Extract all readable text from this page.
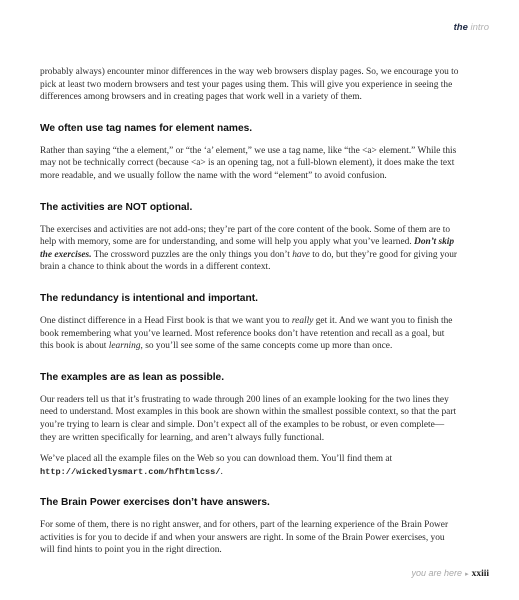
the intro

probably always) encounter minor differences in the way web browsers display pages. So, we encourage you to pick at least two modern browsers and test your pages using them. This will give you experience in seeing the differences among browsers and in creating pages that work well in a variety of them.

We often use tag names for element names.

Rather than saying “the a element,” or “the ‘a’ element,” we use a tag name, like “the <a> element.” While this may not be technically correct (because <a> is an opening tag, not a full-blown element), it does make the text more readable, and we usually follow the name with the word “element” to avoid confusion.

The activities are NOT optional.

The exercises and activities are not add-ons; they’re part of the core content of the book. Some of them are to help with memory, some are for understanding, and some will help you apply what you’ve learned. Don’t skip the exercises. The crossword puzzles are the only things you don’t have to do, but they’re good for giving your brain a chance to think about the words in a different context.

The redundancy is intentional and important.

One distinct difference in a Head First book is that we want you to really get it. And we want you to finish the book remembering what you’ve learned. Most reference books don’t have retention and recall as a goal, but this book is about learning, so you’ll see some of the same concepts come up more than once.

The examples are as lean as possible.

Our readers tell us that it’s frustrating to wade through 200 lines of an example looking for the two lines they need to understand. Most examples in this book are shown within the smallest possible context, so that the part you’re trying to learn is clear and simple. Don’t expect all of the examples to be robust, or even complete—they are written specifically for learning, and aren’t always fully functional.

We’ve placed all the example files on the Web so you can download them. You’ll find them at http://wickedlysmart.com/hfhtmlcss/.

The Brain Power exercises don’t have answers.

For some of them, there is no right answer, and for others, part of the learning experience of the Brain Power activities is for you to decide if and when your answers are right. In some of the Brain Power exercises, you will find hints to point you in the right direction.

you are here ▸ xxiii
